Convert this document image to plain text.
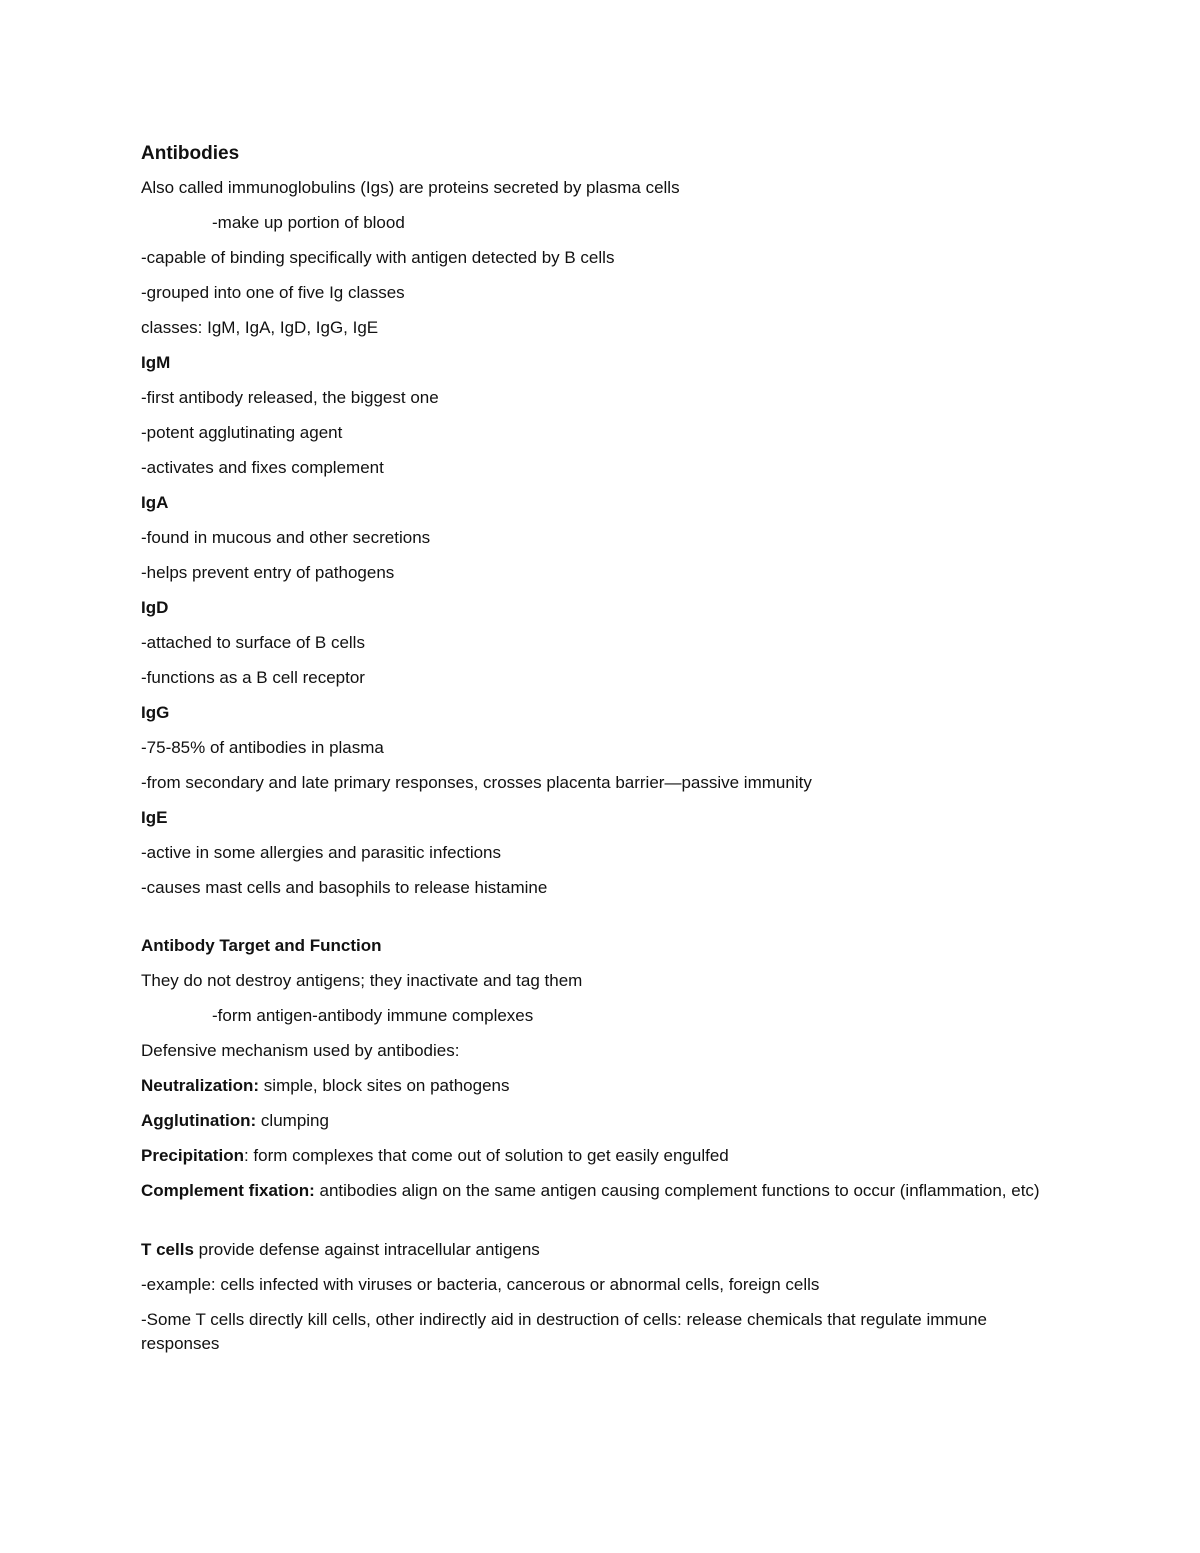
Antibodies
Also called immunoglobulins (Igs) are proteins secreted by plasma cells
-make up portion of blood
-capable of binding specifically with antigen detected by B cells
-grouped into one of five Ig classes
classes: IgM, IgA, IgD, IgG, IgE
IgM
-first antibody released, the biggest one
-potent agglutinating agent
-activates and fixes complement
IgA
-found in mucous and other secretions
-helps prevent entry of pathogens
IgD
-attached to surface of B cells
-functions as a B cell receptor
IgG
-75-85% of antibodies in plasma
-from secondary and late primary responses, crosses placenta barrier—passive immunity
IgE
-active in some allergies and parasitic infections
-causes mast cells and basophils to release histamine
Antibody Target and Function
They do not destroy antigens; they inactivate and tag them
-form antigen-antibody immune complexes
Defensive mechanism used by antibodies:
Neutralization: simple, block sites on pathogens
Agglutination: clumping
Precipitation: form complexes that come out of solution to get easily engulfed
Complement fixation: antibodies align on the same antigen causing complement functions to occur (inflammation, etc)
T cells provide defense against intracellular antigens
-example: cells infected with viruses or bacteria, cancerous or abnormal cells, foreign cells
-Some T cells directly kill cells, other indirectly aid in destruction of cells: release chemicals that regulate immune responses
